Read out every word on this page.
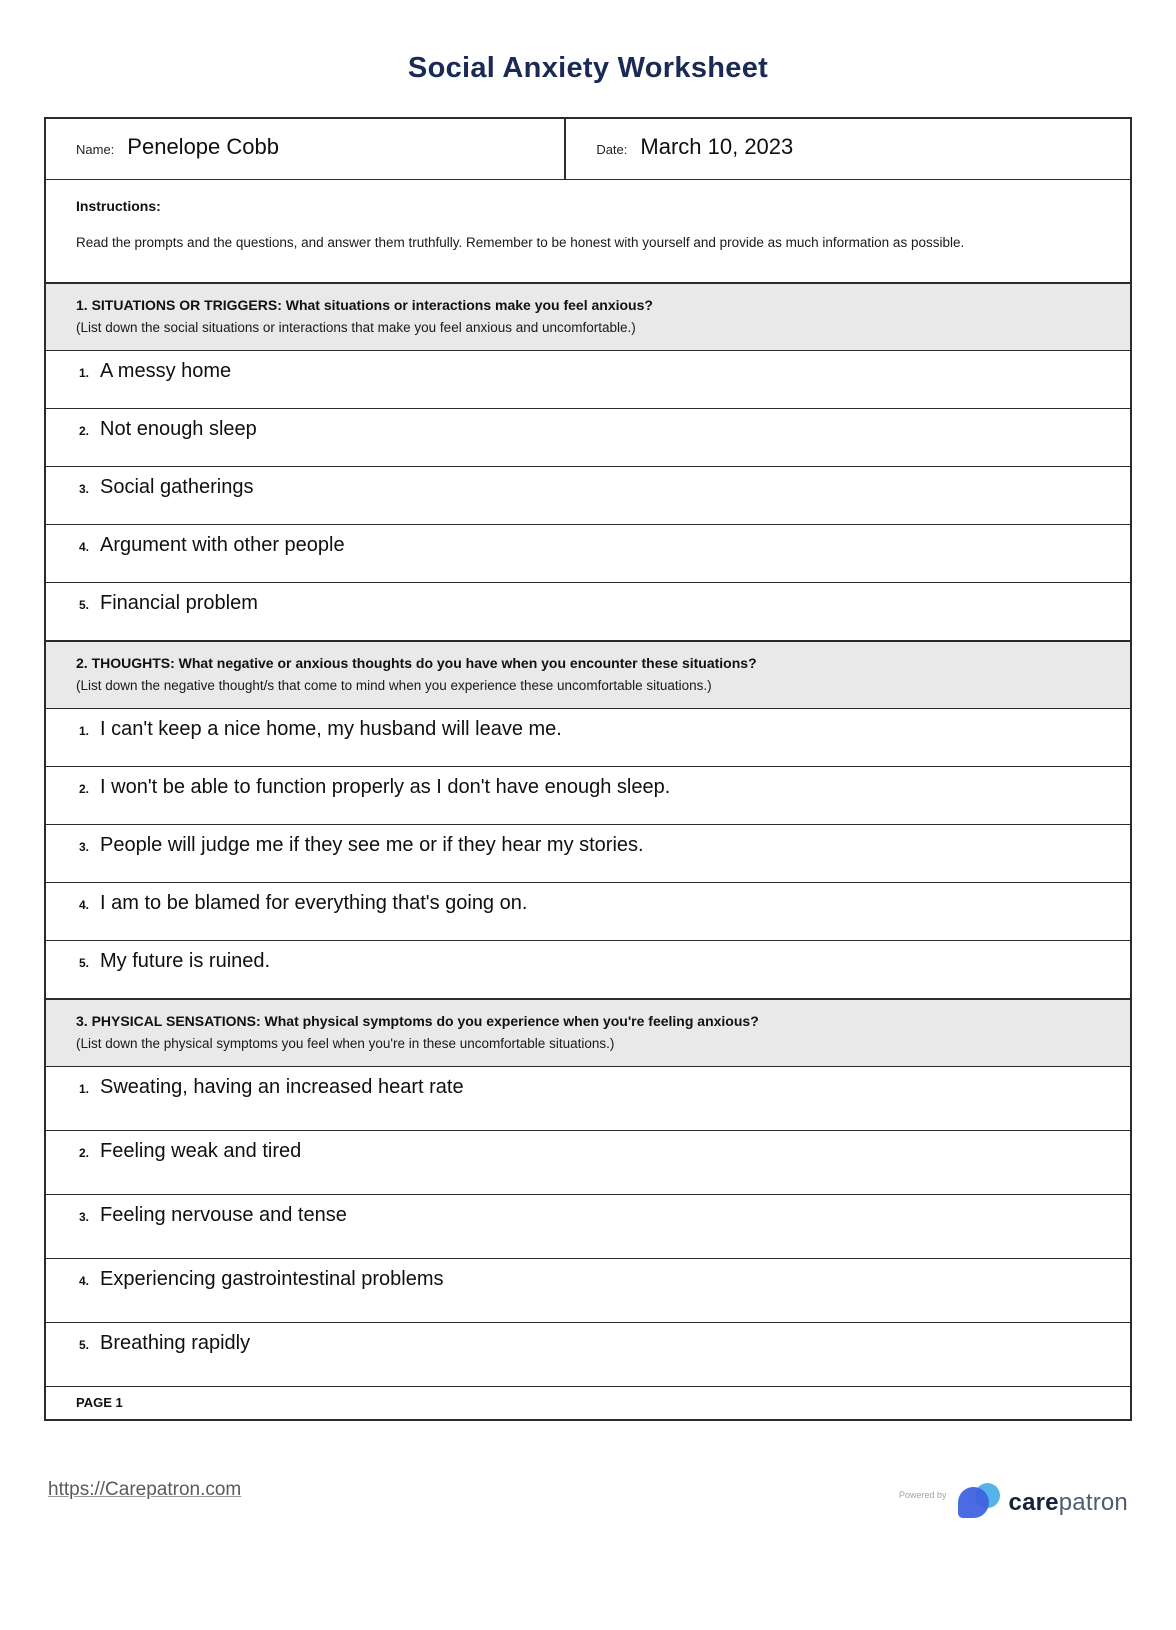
Social Anxiety Worksheet
Name: Penelope Cobb	Date: March 10, 2023
Instructions:
Read the prompts and the questions, and answer them truthfully. Remember to be honest with yourself and provide as much information as possible.
1. SITUATIONS OR TRIGGERS: What situations or interactions make you feel anxious?
(List down the social situations or interactions that make you feel anxious and uncomfortable.)
1. A messy home
2. Not enough sleep
3. Social gatherings
4. Argument with other people
5. Financial problem
2. THOUGHTS: What negative or anxious thoughts do you have when you encounter these situations?
(List down the negative thought/s that come to mind when you experience these uncomfortable situations.)
1. I can't keep a nice home, my husband will leave me.
2. I won't be able to function properly as I don't have enough sleep.
3. People will judge me if they see me or if they hear my stories.
4. I am to be blamed for everything that's going on.
5. My future is ruined.
3. PHYSICAL SENSATIONS: What physical symptoms do you experience when you're feeling anxious?
(List down the physical symptoms you feel when you're in these uncomfortable situations.)
1. Sweating, having an increased heart rate
2. Feeling weak and tired
3. Feeling nervouse and tense
4. Experiencing gastrointestinal problems
5. Breathing rapidly
PAGE 1
https://Carepatron.com	Powered by	carepatron
